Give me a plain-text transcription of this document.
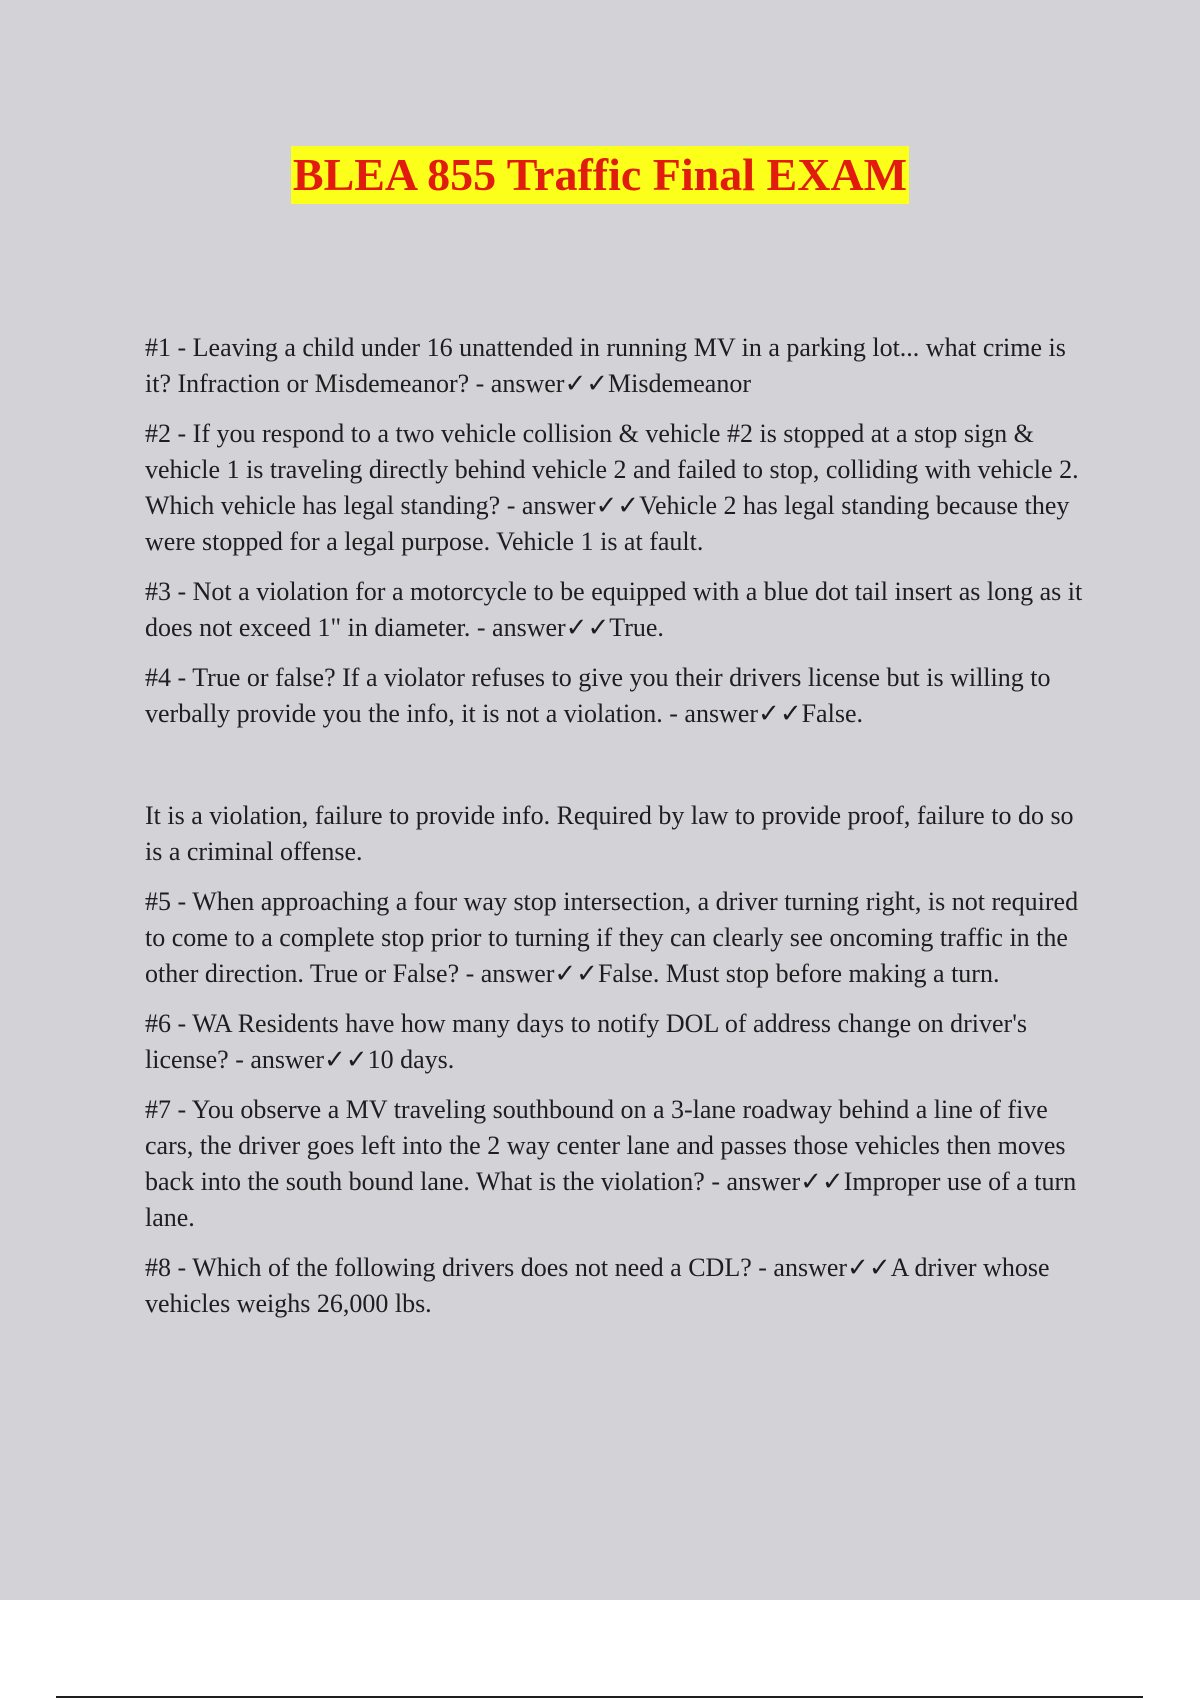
BLEA 855 Traffic Final EXAM

#1 - Leaving a child under 16 unattended in running MV in a parking lot... what crime is it? Infraction or Misdemeanor? - answer✓✓Misdemeanor

#2 - If you respond to a two vehicle collision & vehicle #2 is stopped at a stop sign & vehicle 1 is traveling directly behind vehicle 2 and failed to stop, colliding with vehicle 2. Which vehicle has legal standing? - answer✓✓Vehicle 2 has legal standing because they were stopped for a legal purpose. Vehicle 1 is at fault.

#3 - Not a violation for a motorcycle to be equipped with a blue dot tail insert as long as it does not exceed 1" in diameter. - answer✓✓True.

#4 - True or false? If a violator refuses to give you their drivers license but is willing to verbally provide you the info, it is not a violation. - answer✓✓False.

It is a violation, failure to provide info. Required by law to provide proof, failure to do so is a criminal offense.

#5 - When approaching a four way stop intersection, a driver turning right, is not required to come to a complete stop prior to turning if they can clearly see oncoming traffic in the other direction. True or False? - answer✓✓False. Must stop before making a turn.

#6 - WA Residents have how many days to notify DOL of address change on driver's license? - answer✓✓10 days.

#7 - You observe a MV traveling southbound on a 3-lane roadway behind a line of five cars, the driver goes left into the 2 way center lane and passes those vehicles then moves back into the south bound lane. What is the violation? - answer✓✓Improper use of a turn lane.

#8 - Which of the following drivers does not need a CDL? - answer✓✓A driver whose vehicles weighs 26,000 lbs.
